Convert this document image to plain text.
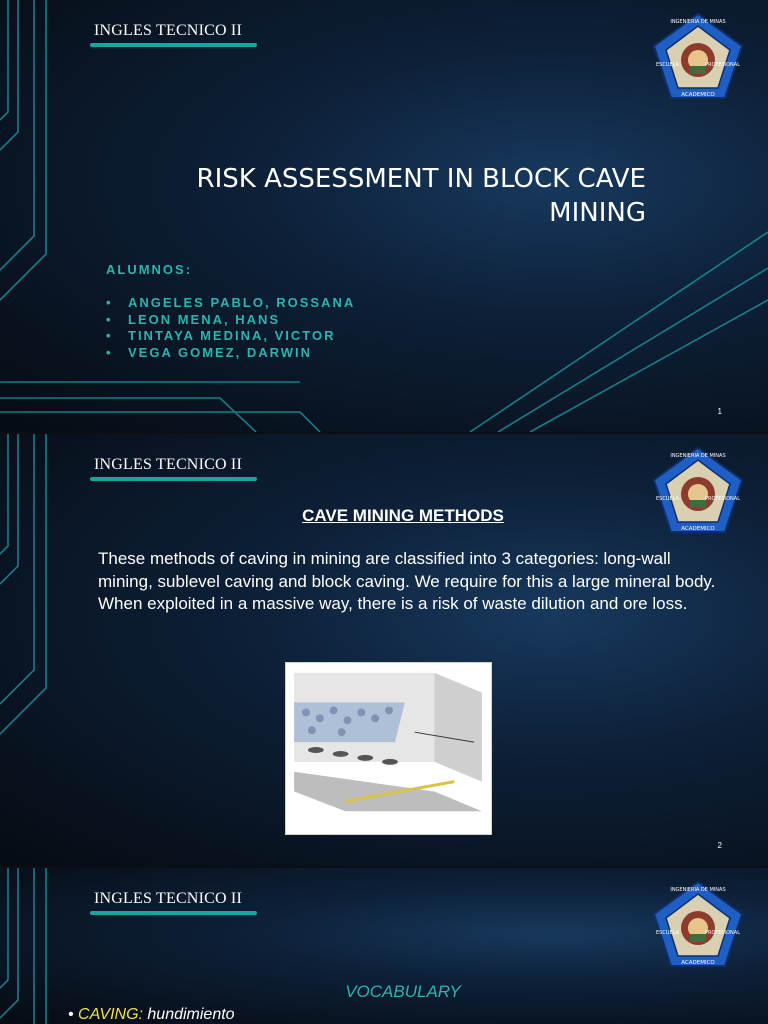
INGLES TECNICO II	INGENIERIA DE MINAS
ESCUELA	PROFESIONAL
ACADEMICO
RISK ASSESSMENT IN BLOCK CAVE MINING
ALUMNOS:
• ANGELES PABLO, ROSSANA
• LEON MENA, HANS
• TINTAYA MEDINA, VICTOR
• VEGA GOMEZ, DARWIN
1
INGLES TECNICO II	INGENIERIA DE MINAS
ESCUELA	PROFESIONAL
ACADEMICO
CAVE MINING METHODS

These methods of caving in mining are classified into 3 categories: long-wall mining, sublevel caving and block caving. We require for this a large mineral body.

When exploited in a massive way, there is a risk of waste dilution and ore loss.

2
INGLES TECNICO II	INGENIERIA DE MINAS
ESCUELA	PROFESIONAL
ACADEMICO
VOCABULARY
• CAVING: hundimiento
